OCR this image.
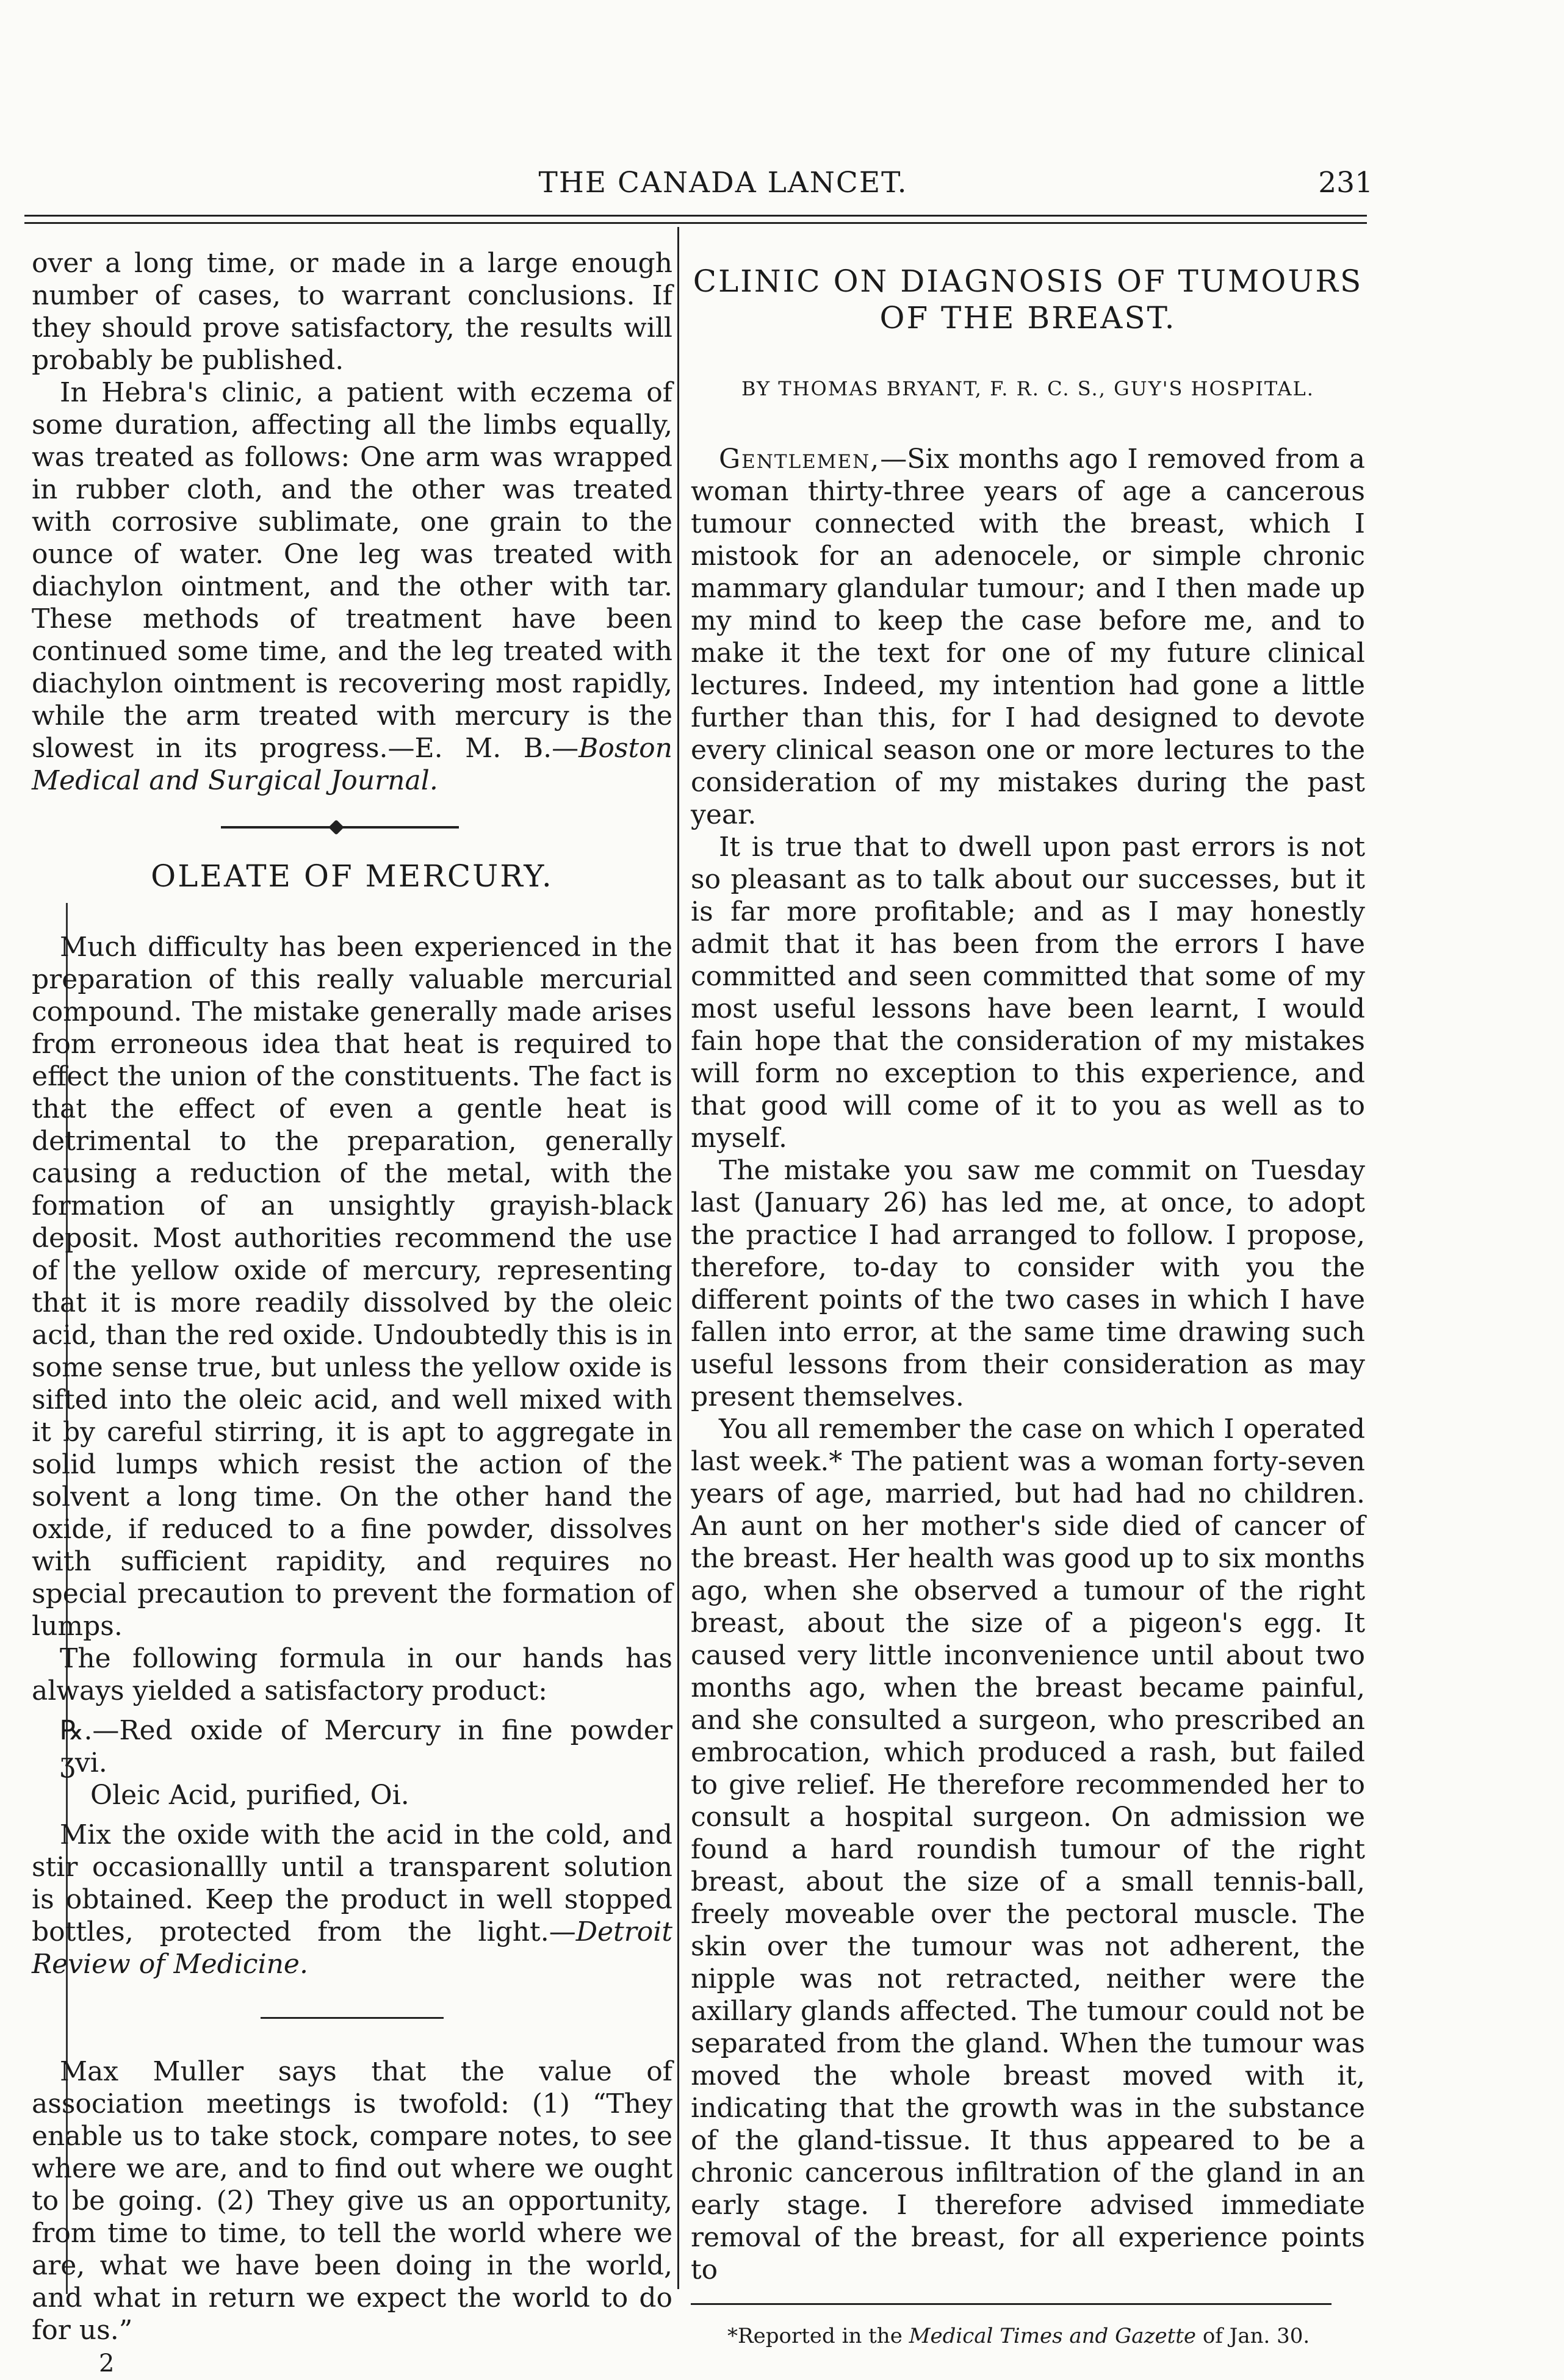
THE CANADA LANCET.	231

over a long time, or made in a large enough number of cases, to warrant conclusions. If they should prove satisfactory, the results will probably be published.

In Hebra's clinic, a patient with eczema of some duration, affecting all the limbs equally, was treated as follows: One arm was wrapped in rubber cloth, and the other was treated with corrosive sublimate, one grain to the ounce of water. One leg was treated with diachylon ointment, and the other with tar. These methods of treatment have been continued some time, and the leg treated with diachylon ointment is recovering most rapidly, while the arm treated with mercury is the slowest in its progress.—E. M. B.—Boston Medical and Surgical Journal.

OLEATE OF MERCURY.

Much difficulty has been experienced in the preparation of this really valuable mercurial compound. The mistake generally made arises from erroneous idea that heat is required to effect the union of the constituents. The fact is that the effect of even a gentle heat is detrimental to the preparation, generally causing a reduction of the metal, with the formation of an unsightly grayish-black deposit. Most authorities recommend the use of the yellow oxide of mercury, representing that it is more readily dissolved by the oleic acid, than the red oxide. Undoubtedly this is in some sense true, but unless the yellow oxide is sifted into the oleic acid, and well mixed with it by careful stirring, it is apt to aggregate in solid lumps which resist the action of the solvent a long time. On the other hand the oxide, if reduced to a fine powder, dissolves with sufficient rapidity, and requires no special precaution to prevent the formation of lumps.

The following formula in our hands has always yielded a satisfactory product:

℞.—Red oxide of Mercury in fine powder ʒvi.
Oleic Acid, purified, Oi.

Mix the oxide with the acid in the cold, and stir occasionallly until a transparent solution is obtained. Keep the product in well stopped bottles, protected from the light.—Detroit Review of Medicine.

Max Muller says that the value of association meetings is twofold: (1) “They enable us to take stock, compare notes, to see where we are, and to find out where we ought to be going. (2) They give us an opportunity, from time to time, to tell the world where we are, what we have been doing in the world, and what in return we expect the world to do for us.”

2
CLINIC ON DIAGNOSIS OF TUMOURS OF THE BREAST.
BY THOMAS BRYANT, F. R. C. S., GUY'S HOSPITAL.

Gentlemen,—Six months ago I removed from a woman thirty-three years of age a cancerous tumour connected with the breast, which I mistook for an adenocele, or simple chronic mammary glandular tumour; and I then made up my mind to keep the case before me, and to make it the text for one of my future clinical lectures. Indeed, my intention had gone a little further than this, for I had designed to devote every clinical season one or more lectures to the consideration of my mistakes during the past year.

It is true that to dwell upon past errors is not so pleasant as to talk about our successes, but it is far more profitable; and as I may honestly admit that it has been from the errors I have committed and seen committed that some of my most useful lessons have been learnt, I would fain hope that the consideration of my mistakes will form no exception to this experience, and that good will come of it to you as well as to myself.

The mistake you saw me commit on Tuesday last (January 26) has led me, at once, to adopt the practice I had arranged to follow. I propose, therefore, to-day to consider with you the different points of the two cases in which I have fallen into error, at the same time drawing such useful lessons from their consideration as may present themselves.

You all remember the case on which I operated last week.* The patient was a woman forty-seven years of age, married, but had had no children. An aunt on her mother's side died of cancer of the breast. Her health was good up to six months ago, when she observed a tumour of the right breast, about the size of a pigeon's egg. It caused very little inconvenience until about two months ago, when the breast became painful, and she consulted a surgeon, who prescribed an embrocation, which produced a rash, but failed to give relief. He therefore recommended her to consult a hospital surgeon. On admission we found a hard roundish tumour of the right breast, about the size of a small tennis-ball, freely moveable over the pectoral muscle. The skin over the tumour was not adherent, the nipple was not retracted, neither were the axillary glands affected. The tumour could not be separated from the gland. When the tumour was moved the whole breast moved with it, indicating that the growth was in the substance of the gland-tissue. It thus appeared to be a chronic cancerous infiltration of the gland in an early stage. I therefore advised immediate removal of the breast, for all experience points to

*Reported in the Medical Times and Gazette of Jan. 30.
